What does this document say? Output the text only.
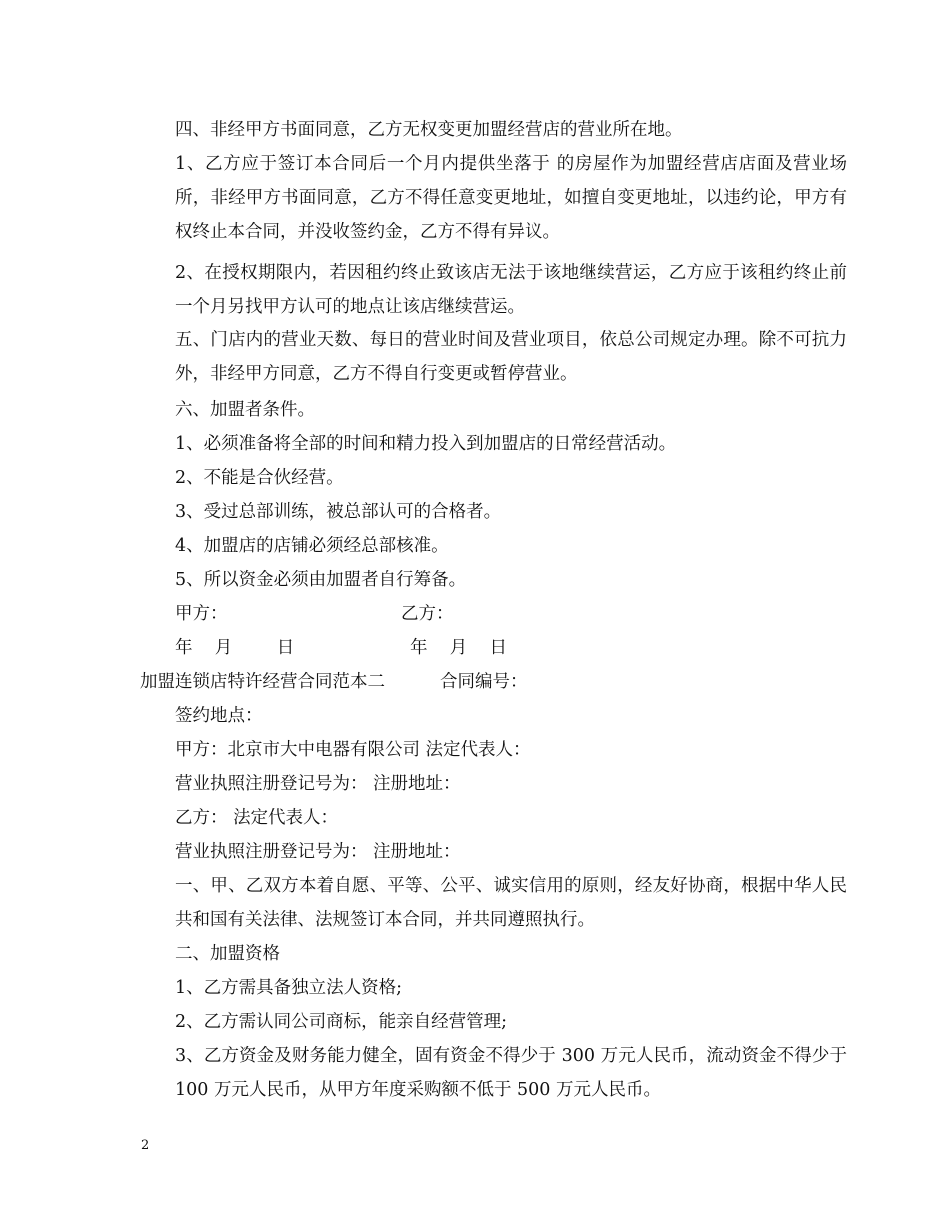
四、非经甲方书面同意，乙方无权变更加盟经营店的营业所在地。

1、乙方应于签订本合同后一个月内提供坐落于 的房屋作为加盟经营店店面及营业场所，非经甲方书面同意，乙方不得任意变更地址，如擅自变更地址，以违约论，甲方有权终止本合同，并没收签约金，乙方不得有异议。

2、在授权期限内，若因租约终止致该店无法于该地继续营运，乙方应于该租约终止前一个月另找甲方认可的地点让该店继续营运。

五、门店内的营业天数、每日的营业时间及营业项目，依总公司规定办理。除不可抗力外，非经甲方同意，乙方不得自行变更或暂停营业。

六、加盟者条件。

1、必须准备将全部的时间和精力投入到加盟店的日常经营活动。

2、不能是合伙经营。

3、受过总部训练，被总部认可的合格者。

4、加盟店的店铺必须经总部核准。

5、所以资金必须由加盟者自行筹备。

甲方：	乙方：
年    月        日	年    月    日
加盟连锁店特许经营合同范本二	合同编号：

签约地点：

甲方：北京市大中电器有限公司 法定代表人：

营业执照注册登记号为： 注册地址：

乙方： 法定代表人：

营业执照注册登记号为： 注册地址：

一、甲、乙双方本着自愿、平等、公平、诚实信用的原则，经友好协商，根据中华人民共和国有关法律、法规签订本合同，并共同遵照执行。

二、加盟资格

1、乙方需具备独立法人资格;

2、乙方需认同公司商标，能亲自经营管理;

3、乙方资金及财务能力健全，固有资金不得少于 300 万元人民币，流动资金不得少于 100 万元人民币，从甲方年度采购额不低于 500 万元人民币。

2
